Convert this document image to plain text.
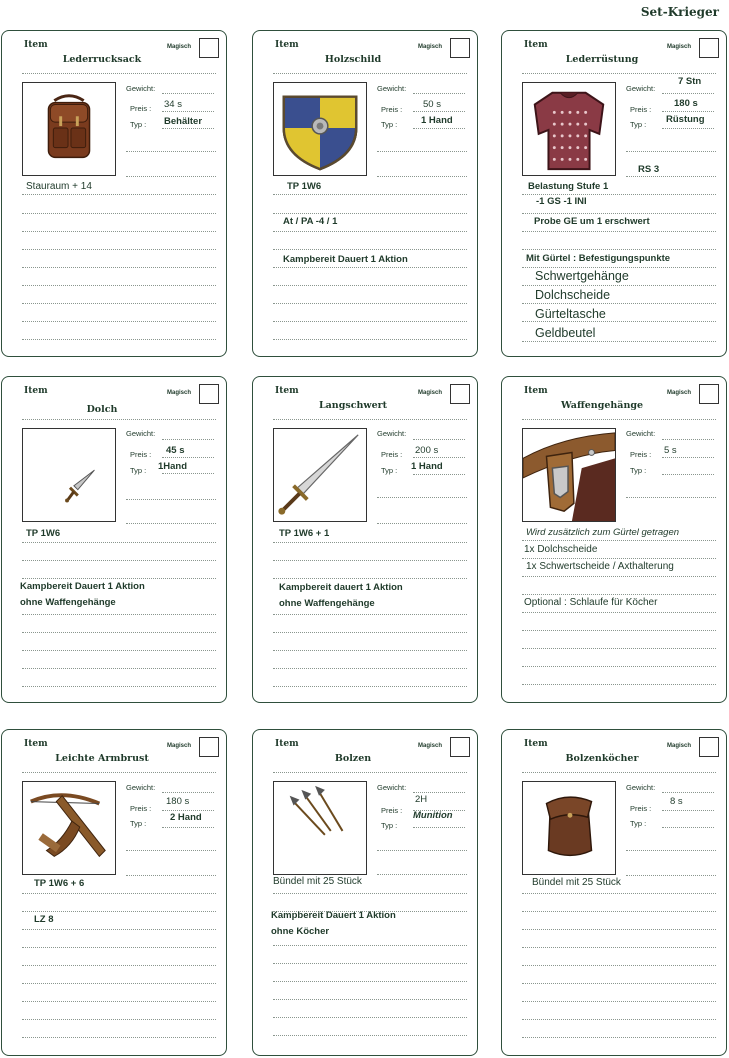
Set-Krieger
Item	Magisch
Lederrucksack
Gewicht:
Preis : 34 s
Typ : Behälter
Stauraum + 14
Item	Magisch
Holzschild
Gewicht:
Preis : 50 s
Typ : 1 Hand
TP 1W6
At / PA -4 / 1
Kampbereit Dauert 1 Aktion
Item	Magisch
Lederrüstung
Gewicht:
7 Stn
Preis :
180 s
Typ : Rüstung
RS 3
Belastung Stufe 1
-1 GS -1 INI
Probe GE um 1 erschwert
Mit Gürtel : Befestigungspunkte
Schwertgehänge
Dolchscheide
Gürteltasche
Geldbeutel
Item	Magisch
Dolch
Gewicht:
Preis : 45 s
Typ : 1Hand
TP 1W6
Kampbereit Dauert 1 Aktion
ohne Waffengehänge
Item	Magisch
Langschwert
Gewicht:
Preis : 200 s
Typ : 1 Hand
TP 1W6 + 1
Kampbereit dauert 1 Aktion
ohne Waffengehänge
Item	Magisch
Waffengehänge
Gewicht:
Preis : 5 s
Typ :
Wird zusätzlich zum Gürtel getragen
1x Dolchscheide
1x Schwertscheide / Axthalterung
Optional : Schlaufe für Köcher
Item	Magisch
Leichte Armbrust
Gewicht:
Preis :
180 s
Typ :
2 Hand
TP 1W6 + 6
LZ 8
Item	Magisch
Bolzen
Gewicht:
Preis :
2H
Typ :
Munition
Bündel mit 25 Stück
Kampbereit Dauert 1 Aktion
ohne Köcher
Item	Magisch
Bolzenköcher
Gewicht:
Preis :
8 s
Typ :
Bündel mit 25 Stück
